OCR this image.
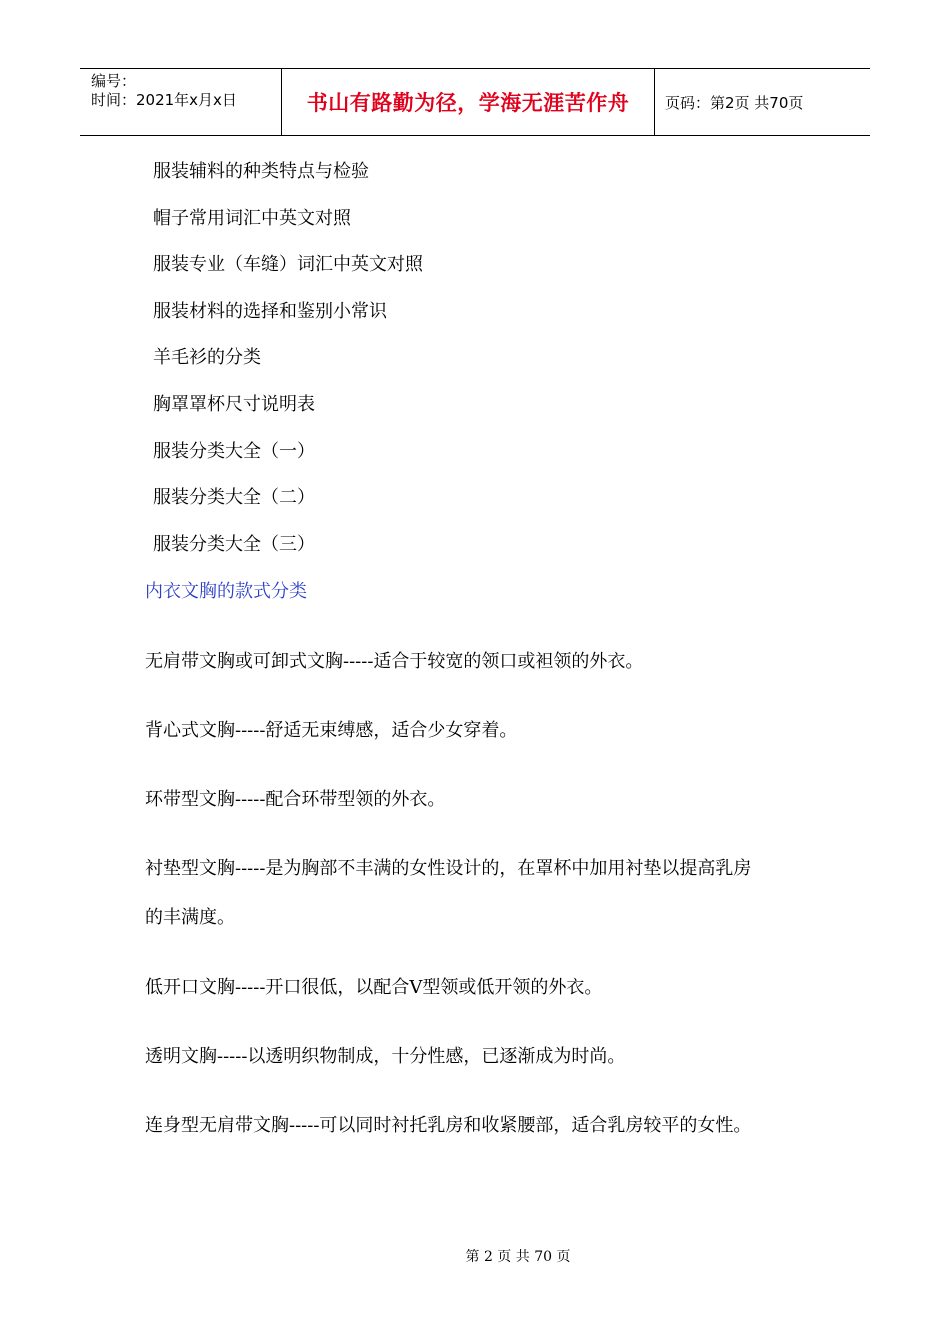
编号：
时间：2021年x月x日	书山有路勤为径，学海无涯苦作舟	页码：第2页 共70页
服装辅料的种类特点与检验
帽子常用词汇中英文对照
服装专业（车缝）词汇中英文对照
服装材料的选择和鉴别小常识
羊毛衫的分类
胸罩罩杯尺寸说明表
服装分类大全（一）
服装分类大全（二）
服装分类大全（三）
内衣文胸的款式分类
无肩带文胸或可卸式文胸-----适合于较宽的领口或袒领的外衣。
背心式文胸-----舒适无束缚感，适合少女穿着。
环带型文胸-----配合环带型领的外衣。
衬垫型文胸-----是为胸部不丰满的女性设计的，在罩杯中加用衬垫以提高乳房
的丰满度。
低开口文胸-----开口很低，以配合V型领或低开领的外衣。
透明文胸-----以透明织物制成，十分性感，已逐渐成为时尚。
连身型无肩带文胸-----可以同时衬托乳房和收紧腰部，适合乳房较平的女性。
第 2 页 共 70 页
